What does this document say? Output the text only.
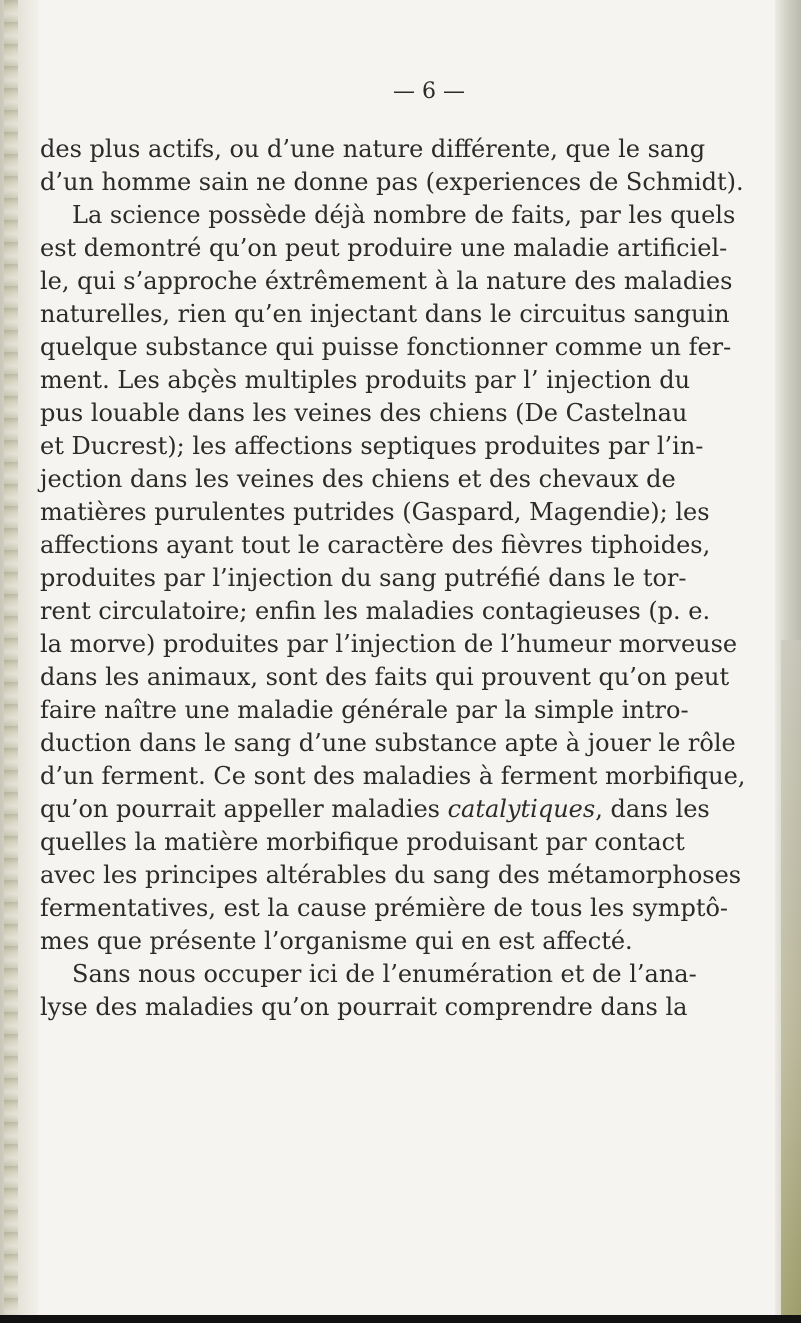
— 6 —
des plus actifs, ou d’une nature différente, que le sang
d’un homme sain ne donne pas (experiences de Schmidt).
La science possède déjà nombre de faits, par les quels
est demontré qu’on peut produire une maladie artificiel-
le, qui s’approche éxtrêmement à la nature des maladies
naturelles, rien qu’en injectant dans le circuitus sanguin
quelque substance qui puisse fonctionner comme un fer-
ment. Les abçès multiples produits par l’ injection du
pus louable dans les veines des chiens (De Castelnau
et Ducrest); les affections septiques produites par l’in-
jection dans les veines des chiens et des chevaux de
matières purulentes putrides (Gaspard, Magendie); les
affections ayant tout le caractère des fièvres tiphoides,
produites par l’injection du sang putréfié dans le tor-
rent circulatoire; enfin les maladies contagieuses (p. e.
la morve) produites par l’injection de l’humeur morveuse
dans les animaux, sont des faits qui prouvent qu’on peut
faire naître une maladie générale par la simple intro-
duction dans le sang d’une substance apte à jouer le rôle
d’un ferment. Ce sont des maladies à ferment morbifique,
qu’on pourrait appeller maladies catalytiques, dans les
quelles la matière morbifique produisant par contact
avec les principes altérables du sang des métamorphoses
fermentatives, est la cause prémière de tous les symptô-
mes que présente l’organisme qui en est affecté.
Sans nous occuper ici de l’enumération et de l’ana-
lyse des maladies qu’on pourrait comprendre dans la
